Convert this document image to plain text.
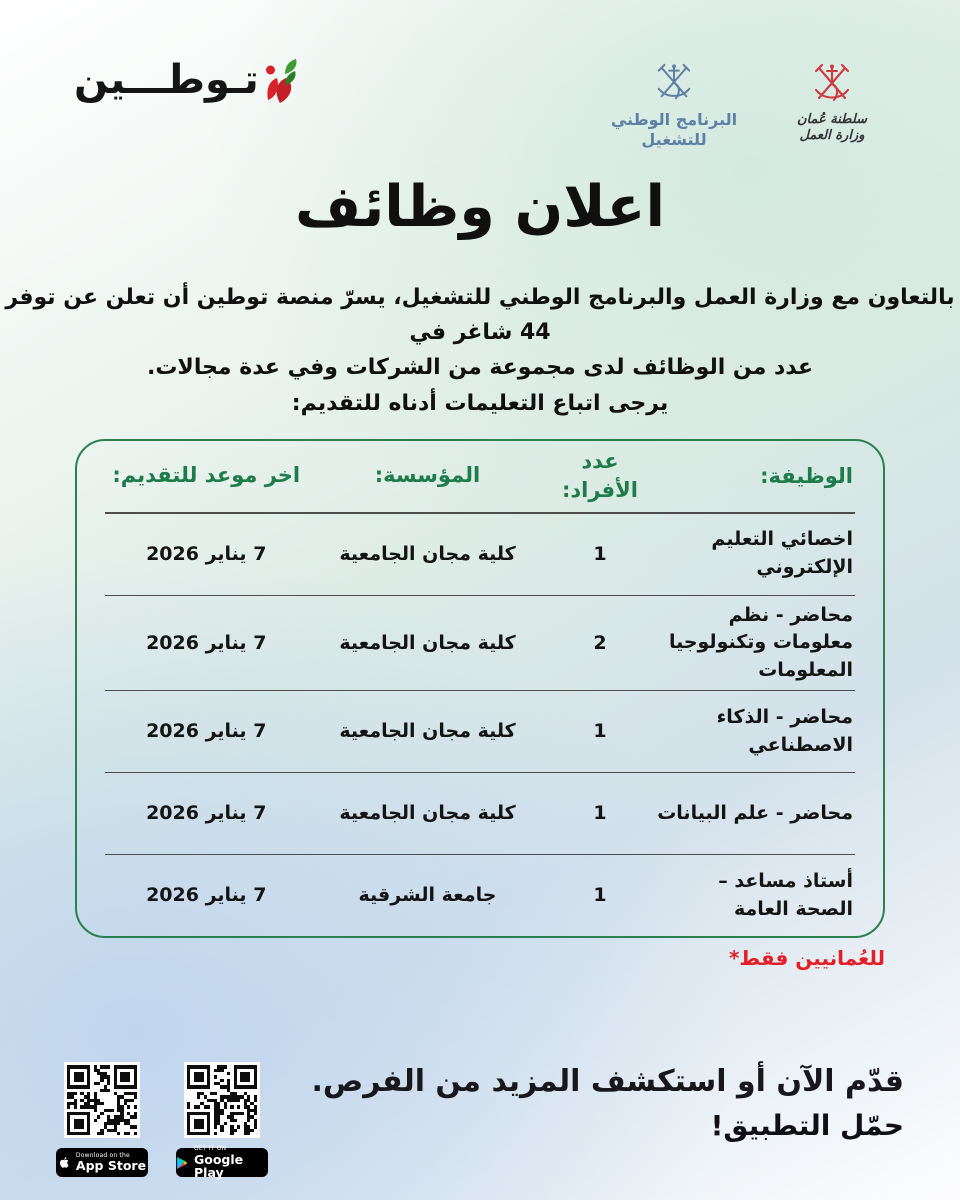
تـوطـــين
البرنامج الوطني
للتشغيل
سلطنة عُمان
وزارة العمل
اعلان وظائف
بالتعاون مع وزارة العمل والبرنامج الوطني للتشغيل، يسرّ منصة توطين أن تعلن عن توفر 44 شاغر في
عدد من الوظائف لدى مجموعة من الشركات وفي عدة مجالات.
يرجى اتباع التعليمات أدناه للتقديم:
الوظيفة:
عدد الأفراد:
المؤسسة:
اخر موعد للتقديم:
اخصائي التعليم الإلكتروني
1
كلية مجان الجامعية
7 يناير 2026
محاضر - نظم معلومات وتكنولوجيا المعلومات
2
كلية مجان الجامعية
7 يناير 2026
محاضر - الذكاء الاصطناعي
1
كلية مجان الجامعية
7 يناير 2026
محاضر - علم البيانات
1
كلية مجان الجامعية
7 يناير 2026
أستاذ مساعد – الصحة العامة
1
جامعة الشرقية
7 يناير 2026
للعُمانيين فقط*
Download on the
App Store
GET IT ON
Google Play
قدّم الآن أو استكشف المزيد من الفرص.
حمّل التطبيق!
